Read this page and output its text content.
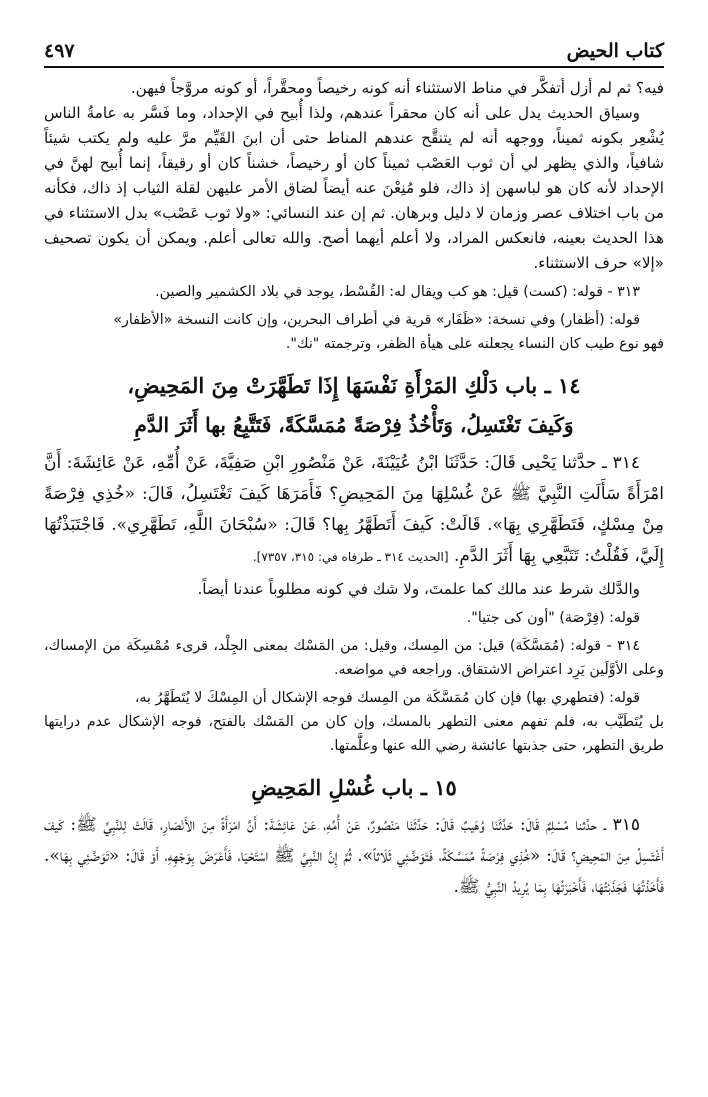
كتاب الحيض
٤٩٧

فيه؟ ثم لم أزل أتفكَّر في مناط الاستثناء أنه كونه رخيصاً ومحقَّراً، أو كونه مروَّجاً فيهن.

وسياق الحديث يدل على أنه كان محقراً عندهم، ولذا أُبيح في الإحداد، وما فَسَّر به عامةُ الناس يُشْعِر بكونه ثميناً، ووجهه أنه لم يتنقَّح عندهم المناط حتى أن ابنَ القَيِّم مرَّ عليه ولم يكتب شيئاً شافياً، والذي يظهر لي أن ثوب العَصْب ثميناً كان أو رخيصاً، خشناً كان أو رقيقاً، إنما أُبيح لهنَّ في الإحداد لأنه كان هو لباسهن إذ ذاك، فلو مُنِعْنَ عنه أيضاً لضاق الأمر عليهن لقلة الثياب إذ ذاك، فكأنه من باب اختلاف عصر وزمان لا دليل وبرهان. ثم إن عند النسائي: «ولا ثوب عَصْب» بدل الاستثناء في هذا الحديث بعينه، فانعكس المراد، ولا أعلم أيهما أصح. والله تعالى أعلم. ويمكن أن يكون تصحيف «إلا» حرف الاستثناء.

٣١٣ - قوله: (كست) قيل: هو كب ويقال له: القُسْط، يوجد في بلاد الكشمير والصين.

قوله: (أظفار) وفي نسخة: «ظَفَار» قرية في أطراف البحرين، وإن كانت النسخة «الأظفار»

فهو نوع طيب كان النساء يجعلنه على هيأة الظفر، وترجمته "نك".

١٤ ـ باب دَلْكِ المَرْأَةِ نَفْسَهَا إِذَا تَطَهَّرَتْ مِنَ المَحِيضِ،
وَكَيفَ تَغْتَسِلُ، وَتَأْخُذُ فِرْصَةً مُمَسَّكَةً، فَتَتَّبِعُ بها أَثَرَ الدَّمِ

٣١٤ ـ حدَّثنا يَحْيى قَالَ: حَدَّثَنَا ابْنُ عُيَيْنَةَ، عَنْ مَنْصُورِ ابْنِ صَفِيَّةَ، عَنْ أُمِّهِ، عَنْ عَائِشَةَ: أَنَّ امْرَأَةً سَأَلَتِ النَّبِيَّ ﷺ عَنْ غُسْلِهَا مِنَ المَحِيضِ؟ فَأَمَرَهَا كَيفَ تَغْتَسِلُ، قَالَ: «خُذِي فِرْصَةً مِنْ مِسْكٍ، فَتَطَهَّرِي بِهَا». قَالَتْ: كَيفَ أَتَطَهَّرُ بِها؟ قَالَ: «سُبْحَانَ اللَّهِ، تَطَهَّرِي». فَاجْتَبَذْتُهَا إِلَيَّ، فَقُلْتُ: تَتَبَّعِي بِهَا أَثَرَ الدَّمِ. [الحديث ٣١٤ ـ طرفاه في: ٣١٥، ٧٣٥٧].

والدَّلك شرط عند مالك كما علمتَ، ولا شك في كونه مطلوباً عندنا أيضاً.

قوله: (فِرْصَة) "أون كى جتيا".

٣١٤ - قوله: (مُمَسَّكَة) قيل: من المِسك، وقيل: من المَسْك بمعنى الجِلْد، قرىء مُمْسِكَة من الإمساك، وعلى الأوَّلَين يَرِد اعتراض الاشتقاق. وراجعه في مواضعه.

قوله: (فتطهري بها) فإن كان مُمَسَّكَة من المِسك فوجه الإشكال أن المِسْكَ لا يُتَطَهَّرُ به،

بل يُتَطَيَّب به، فلم تفهم معنى التطهر بالمسك، وإن كان من المَسْك بالفتح، فوجه الإشكال عدم درايتها طريق التطهر، حتى جذبتها عائشة رضي الله عنها وعلَّمتها.

١٥ ـ باب غُسْلِ المَحِيضِ

٣١٥ ـ حدَّثنا مُسْلِمٌ قَالَ: حَدَّثَنَا وُهَيبٌ قَالَ: حَدَّثَنَا مَنْصُورٌ، عَنْ أُمِّهِ، عَنْ عَائِشَةَ: أَنَّ امْرَأَةً مِنَ الأَنْصَارِ، قَالَتْ لِلنَّبِيِّ ﷺ: كَيفَ أَغْتَسِلُ مِنَ المَحِيضِ؟ قَالَ: «خُذِي فِرْصَةً مُمَسَّكَةً، فَتَوَضَّئِي ثَلَاثاً». ثُمَّ إِنَّ النَّبِيَّ ﷺ اسْتَحْيَا، فَأَعْرَضَ بِوَجْهِهِ، أَوْ قَالَ: «تَوَضَّئِي بِهَا». فَأَخَذْتُهَا فَجَذَبْتُهَا، فَأَخْبَرْتُهَا بِمَا يُرِيدُ النَّبِيُّ ﷺ.
